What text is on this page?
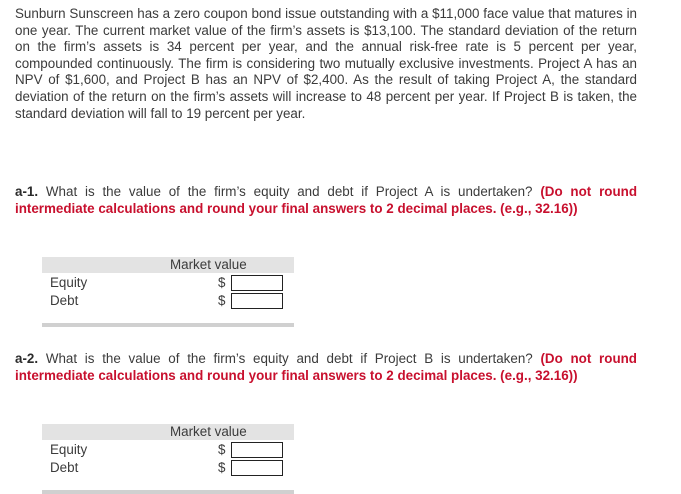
Sunburn Sunscreen has a zero coupon bond issue outstanding with a $11,000 face value that matures in one year. The current market value of the firm’s assets is $13,100. The standard deviation of the return on the firm’s assets is 34 percent per year, and the annual risk-free rate is 5 percent per year, compounded continuously. The firm is considering two mutually exclusive investments. Project A has an NPV of $1,600, and Project B has an NPV of $2,400. As the result of taking Project A, the standard deviation of the return on the firm’s assets will increase to 48 percent per year. If Project B is taken, the standard deviation will fall to 19 percent per year.
a-1. What is the value of the firm’s equity and debt if Project A is undertaken? (Do not round intermediate calculations and round your final answers to 2 decimal places. (e.g., 32.16))
Market value
Equity	$
Debt	$
a-2. What is the value of the firm’s equity and debt if Project B is undertaken? (Do not round intermediate calculations and round your final answers to 2 decimal places. (e.g., 32.16))
Market value
Equity	$
Debt	$
